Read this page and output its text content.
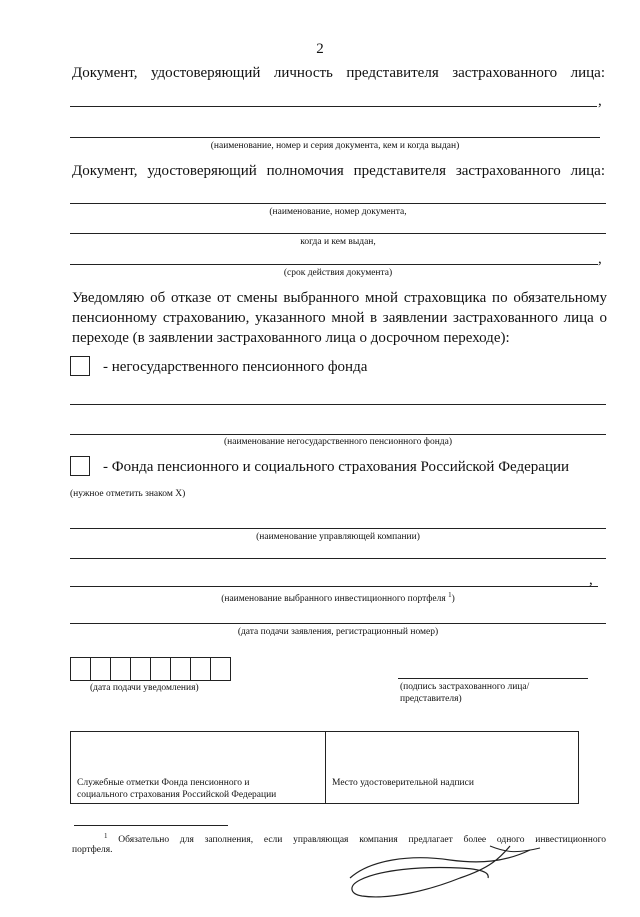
2
Документ, удостоверяющий личность представителя застрахованного лица:
,
(наименование, номер и серия документа, кем и когда выдан)
Документ, удостоверяющий полномочия представителя застрахованного лица:
(наименование, номер документа,
когда и кем выдан,
,
(срок действия документа)
Уведомляю об отказе от смены выбранного мной страховщика по обязательному
пенсионному страхованию, указанного мной в заявлении застрахованного лица о
переходе (в заявлении застрахованного лица о досрочном переходе):
- негосударственного пенсионного фонда
(наименование негосударственного пенсионного фонда)
- Фонда пенсионного и социального страхования Российской Федерации
(нужное отметить знаком Х)
(наименование управляющей компании)
,
(наименование выбранного инвестиционного портфеля $^1$)
(дата подачи заявления, регистрационный номер)
(дата подачи уведомления)	(подпись застрахованного лица/
представителя)
Служебные отметки Фонда пенсионного и
социального страхования Российской Федерации
Место удостоверительной надписи
$^1$ Обязательно для заполнения, если управляющая компания предлагает более одного инвестиционного
портфеля.
